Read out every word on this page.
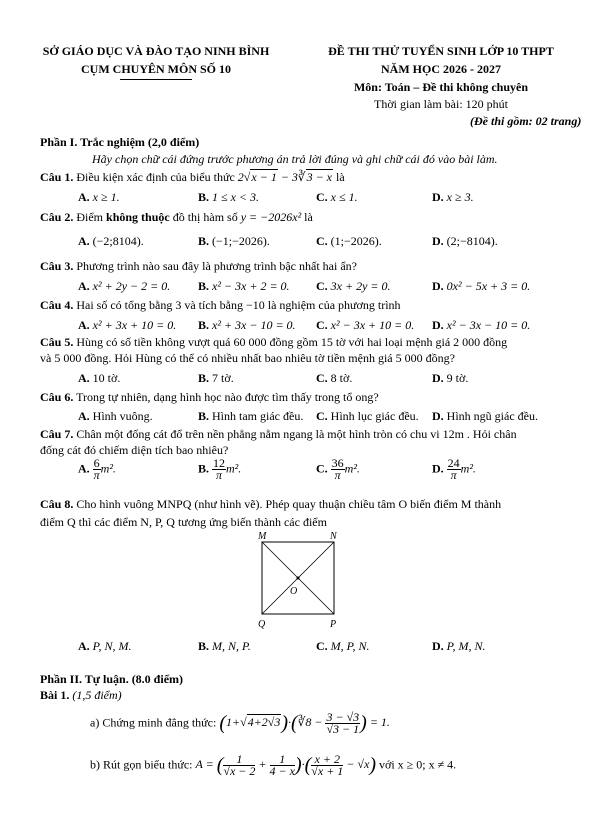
SỞ GIÁO DỤC VÀ ĐÀO TẠO NINH BÌNH
CỤM CHUYÊN MÔN SỐ 10
ĐỀ THI THỬ TUYỂN SINH LỚP 10 THPT
NĂM HỌC 2026 - 2027
Môn: Toán – Đề thi không chuyên
Thời gian làm bài: 120 phút
(Đề thi gồm: 02 trang)
Phần I. Trắc nghiệm (2,0 điểm)
Hãy chọn chữ cái đứng trước phương án trả lời đúng và ghi chữ cái đó vào bài làm.
Câu 1. Điều kiện xác định của biểu thức 2√x − 1 − 3∛3 − x là
A. x ≥ 1.	B. 1 ≤ x < 3.	C. x ≤ 1.	D. x ≥ 3.
Câu 2. Điểm không thuộc đồ thị hàm số y = −2026x² là
A. (−2;8104).	B. (−1;−2026).	C. (1;−2026).	D. (2;−8104).
Câu 3. Phương trình nào sau đây là phương trình bậc nhất hai ẩn?
A. x² + 2y − 2 = 0. B. x² − 3x + 2 = 0. C. 3x + 2y = 0.	D. 0x² − 5x + 3 = 0.
Câu 4. Hai số có tổng bằng 3 và tích bằng −10 là nghiệm của phương trình
A. x² + 3x + 10 = 0. B. x² + 3x − 10 = 0. C. x² − 3x + 10 = 0. D. x² − 3x − 10 = 0.
Câu 5. Hùng có số tiền không vượt quá 60 000 đồng gồm 15 tờ với hai loại mệnh giá 2 000 đồng
và 5 000 đồng. Hỏi Hùng có thể có nhiều nhất bao nhiêu tờ tiền mệnh giá 5 000 đồng?
A. 10 tờ.	B. 7 tờ.	C. 8 tờ.	D. 9 tờ.
Câu 6. Trong tự nhiên, dạng hình học nào được tìm thấy trong tổ ong?
A. Hình vuông.	B. Hình tam giác đều. C. Hình lục giác đều. D. Hình ngũ giác đều.
Câu 7. Chân một đống cát đổ trên nền phẳng nằm ngang là một hình tròn có chu vi 12m . Hỏi chân
đống cát đó chiếm diện tích bao nhiêu?
A. $\frac{6}{\pi} m^2$.	B. $\frac{12}{\pi} m^2$.	C. $\frac{36}{\pi} m^2$.	D. $\frac{24}{\pi} m^2$.
Câu 8. Cho hình vuông MNPQ (như hình vẽ). Phép quay thuận chiều tâm O biến điểm M thành
điểm Q thì các điểm N, P, Q tương ứng biến thành các điểm
M	N
P
Q
O
A. P, N, M.	B. M, N, P.	C. M, P, N.	D. P, M, N.
Phần II. Tự luận. (8.0 điểm)
Bài 1. (1,5 điểm)
a) Chứng minh đẳng thức: (1+√4+2√3)·(∛8 − $\frac{3 - √3}{√3 - 1}$ ) = 1.
b) Rút gọn biểu thức: A = ( $\frac{1}{√x - 2} + \frac{1}{4 - x}$ )·( $\frac{x + 2}{√x + 1} - √x$) với x ≥ 0; x ≠ 4.
